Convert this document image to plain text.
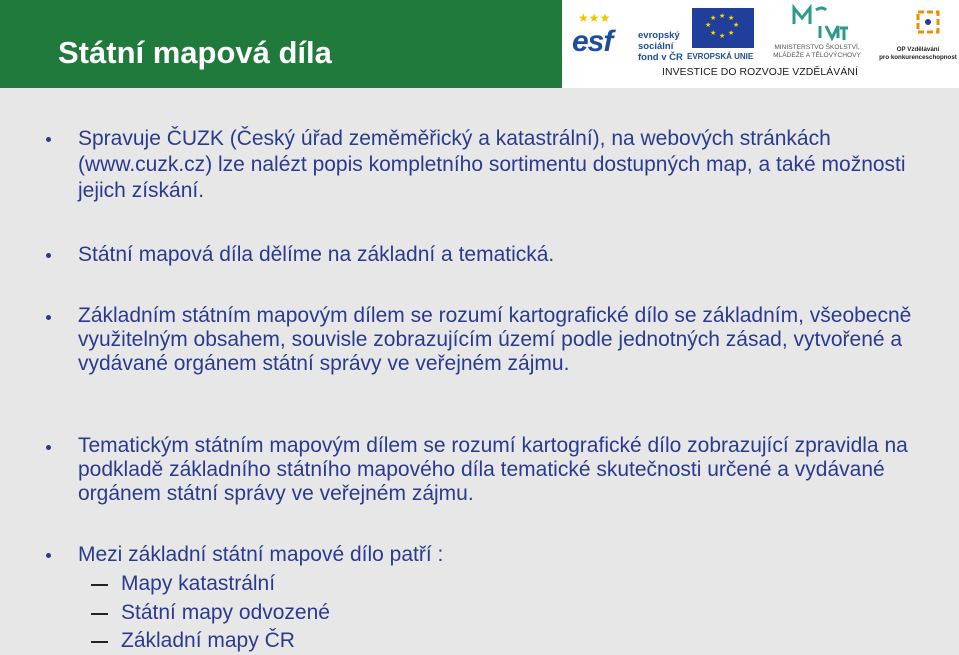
Státní mapová díla
★★★
esf	evropský
sociální
fond v ČR
★ ★
★
★
★
★
★
★
EVROPSKÁ UNIE
MINISTERSTVO ŠKOLSTVÍ,
MLÁDEŽE A TĚLOVÝCHOVY
OP Vzdělávání
pro konkurenceschopnost
INVESTICE DO ROZVOJE VZDĚLÁVÁNÍ
Spravuje ČUZK (Český úřad zeměměřický a katastrální), na webových stránkách (www.cuzk.cz) lze nalézt popis kompletního sortimentu dostupných map, a také možnosti jejich získání.
Státní mapová díla dělíme na základní a tematická.
Základním státním mapovým dílem se rozumí kartografické dílo se základním, všeobecně využitelným obsahem, souvisle zobrazujícím území podle jednotných zásad, vytvořené a vydávané orgánem státní správy ve veřejném zájmu.
Tematickým státním mapovým dílem se rozumí kartografické dílo zobrazující zpravidla na podkladě základního státního mapového díla tematické skutečnosti určené a vydávané orgánem státní správy ve veřejném zájmu.
Mezi základní státní mapové dílo patří :
Mapy katastrální
Státní mapy odvozené
Základní mapy ČR
